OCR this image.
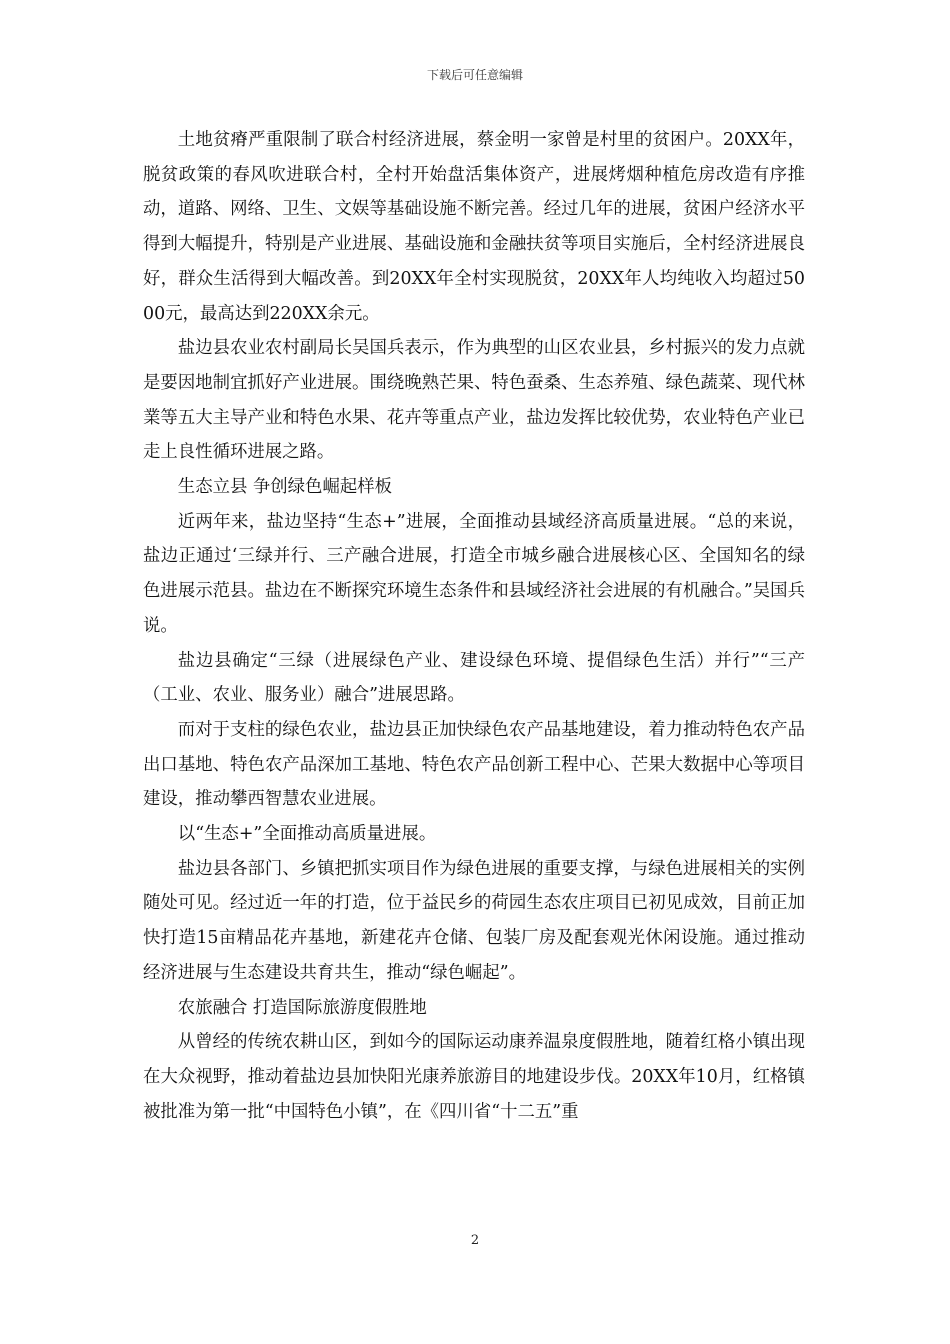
下载后可任意编辑

土地贫瘠严重限制了联合村经济进展，蔡金明一家曾是村里的贫困户。20XX年，脱贫政策的春风吹进联合村，全村开始盘活集体资产，进展烤烟种植危房改造有序推动，道路、网络、卫生、文娱等基础设施不断完善。经过几年的进展，贫困户经济水平得到大幅提升，特别是产业进展、基础设施和金融扶贫等项目实施后，全村经济进展良好，群众生活得到大幅改善。到20XX年全村实现脱贫，20XX年人均纯收入均超过5000元，最高达到220XX余元。

盐边县农业农村副局长吴国兵表示，作为典型的山区农业县，乡村振兴的发力点就是要因地制宜抓好产业进展。围绕晚熟芒果、特色蚕桑、生态养殖、绿色蔬菜、现代林業等五大主导产业和特色水果、花卉等重点产业，盐边发挥比较优势，农业特色产业已走上良性循环进展之路。

生态立县 争创绿色崛起样板

近两年来，盐边坚持“生态+”进展，全面推动县域经济高质量进展。“总的来说，盐边正通过‘三绿并行、三产融合进展，打造全市城乡融合进展核心区、全国知名的绿色进展示范县。盐边在不断探究环境生态条件和县域经济社会进展的有机融合。”吴国兵说。

盐边县确定“三绿（进展绿色产业、建设绿色环境、提倡绿色生活）并行”“三产（工业、农业、服务业）融合”进展思路。

而对于支柱的绿色农业，盐边县正加快绿色农产品基地建设，着力推动特色农产品出口基地、特色农产品深加工基地、特色农产品创新工程中心、芒果大数据中心等项目建设，推动攀西智慧农业进展。

以“生态+”全面推动高质量进展。

盐边县各部门、乡镇把抓实项目作为绿色进展的重要支撑，与绿色进展相关的实例随处可见。经过近一年的打造，位于益民乡的荷园生态农庄项目已初见成效，目前正加快打造15亩精品花卉基地，新建花卉仓储、包装厂房及配套观光休闲设施。通过推动经济进展与生态建设共育共生，推动“绿色崛起”。

农旅融合 打造国际旅游度假胜地

从曾经的传统农耕山区，到如今的国际运动康养温泉度假胜地，随着红格小镇出现在大众视野，推动着盐边县加快阳光康养旅游目的地建设步伐。20XX年10月，红格镇被批准为第一批“中国特色小镇”，在《四川省“十二五”重

2
